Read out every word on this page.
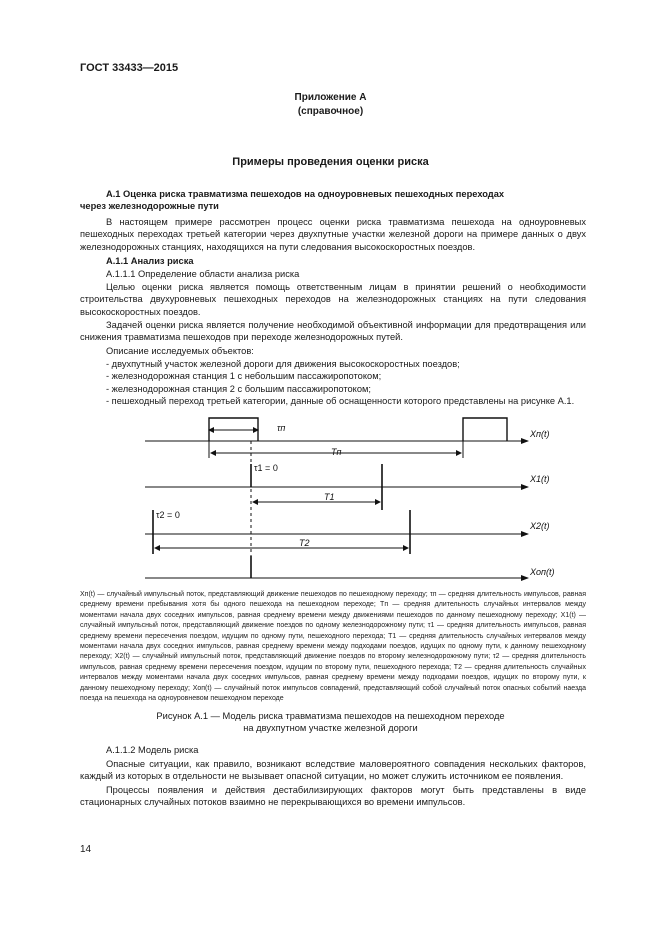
ГОСТ 33433—2015
Приложение А
(справочное)
Примеры проведения оценки риска
А.1 Оценка риска травматизма пешеходов на одноуровневых пешеходных переходах
через железнодорожные пути
В настоящем примере рассмотрен процесс оценки риска травматизма пешехода на одноуровневых пешеходных переходах третьей категории через двухпутные участки железной дороги на примере данных о двух железнодорожных станциях, находящихся на пути следования высокоскоростных поездов.
А.1.1 Анализ риска
А.1.1.1 Определение области анализа риска
Целью оценки риска является помощь ответственным лицам в принятии решений о необходимости строительства двухуровневых пешеходных переходов на железнодорожных станциях на пути следования высокоскоростных поездов.
Задачей оценки риска является получение необходимой объективной информации для предотвращения или снижения травматизма пешеходов при переходе железнодорожных путей.
Описание исследуемых объектов:
- двухпутный участок железной дороги для движения высокоскоростных поездов;
- железнодорожная станция 1 с небольшим пассажиропотоком;
- железнодорожная станция 2 с большим пассажиропотоком;
- пешеходный переход третьей категории, данные об оснащенности которого представлены на рисунке А.1.
τп
Tп
Xп(t)
τ1 = 0
T1
X1(t)
τ2 = 0
T2
X2(t)
Xоп(t)
Xп(t) — случайный импульсный поток, представляющий движение пешеходов по пешеходному переходу; τп — средняя длительность импульсов, равная среднему времени пребывания хотя бы одного пешехода на пешеходном переходе; Tп — средняя длительность случайных интервалов между моментами начала двух соседних импульсов, равная среднему времени между движениями пешеходов по данному пешеходному переходу; X1(t) — случайный импульсный поток, представляющий движение поездов по одному железнодорожному пути; τ1 — средняя длительность импульсов, равная среднему времени пересечения поездом, идущим по одному пути, пешеходного перехода; T1 — средняя длительность случайных интервалов между моментами начала двух соседних импульсов, равная среднему времени между подходами поездов, идущих по одному пути, к данному пешеходному переходу; X2(t) — случайный импульсный поток, представляющий движение поездов по второму железнодорожному пути; τ2 — средняя длительность импульсов, равная среднему времени пересечения поездом, идущим по второму пути, пешеходного перехода; T2 — средняя длительность случайных интервалов между моментами начала двух соседних импульсов, равная среднему времени между подходами поездов, идущих по второму пути, к данному пешеходному переходу; Xоп(t) — случайный поток импульсов совпадений, представляющий собой случайный поток опасных событий наезда поезда на пешехода на одноуровневом пешеходном переходе
Рисунок А.1 — Модель риска травматизма пешеходов на пешеходном переходе
на двухпутном участке железной дороги
А.1.1.2 Модель риска
Опасные ситуации, как правило, возникают вследствие маловероятного совпадения нескольких факторов, каждый из которых в отдельности не вызывает опасной ситуации, но может служить источником ее появления.
Процессы появления и действия дестабилизирующих факторов могут быть представлены в виде стационарных случайных потоков взаимно не перекрывающихся во времени импульсов.
14
